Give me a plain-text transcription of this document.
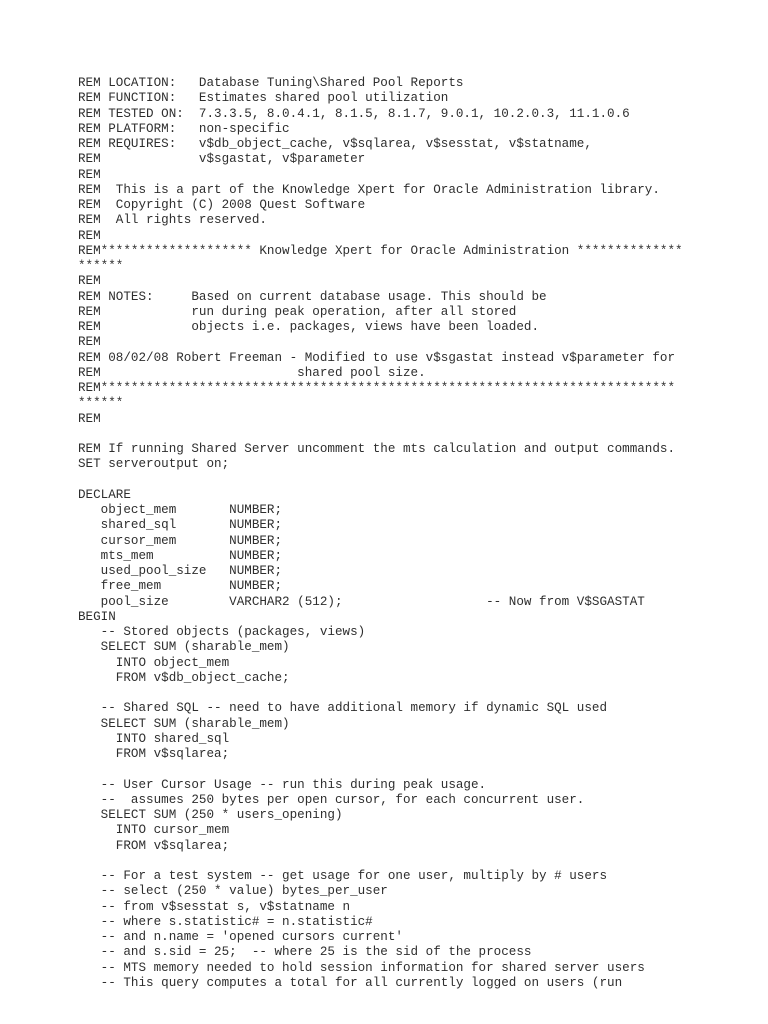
REM LOCATION:   Database Tuning\Shared Pool Reports
REM FUNCTION:   Estimates shared pool utilization
REM TESTED ON:  7.3.3.5, 8.0.4.1, 8.1.5, 8.1.7, 9.0.1, 10.2.0.3, 11.1.0.6
REM PLATFORM:   non-specific
REM REQUIRES:   v$db_object_cache, v$sqlarea, v$sesstat, v$statname,
REM             v$sgastat, v$parameter
REM
REM  This is a part of the Knowledge Xpert for Oracle Administration library.
REM  Copyright (C) 2008 Quest Software
REM  All rights reserved.
REM
REM******************** Knowledge Xpert for Oracle Administration **************
******
REM
REM NOTES:     Based on current database usage. This should be
REM            run during peak operation, after all stored
REM            objects i.e. packages, views have been loaded.
REM
REM 08/02/08 Robert Freeman - Modified to use v$sgastat instead v$parameter for
REM                          shared pool size.
REM****************************************************************************
******
REM
REM If running Shared Server uncomment the mts calculation and output commands.
SET serveroutput on;
DECLARE
object_mem       NUMBER;
shared_sql       NUMBER;
cursor_mem       NUMBER;
mts_mem          NUMBER;
used_pool_size   NUMBER;
free_mem         NUMBER;
pool_size        VARCHAR2 (512);                   -- Now from V$SGASTAT
BEGIN
-- Stored objects (packages, views)
SELECT SUM (sharable_mem)
INTO object_mem
FROM v$db_object_cache;
-- Shared SQL -- need to have additional memory if dynamic SQL used
SELECT SUM (sharable_mem)
INTO shared_sql
FROM v$sqlarea;
-- User Cursor Usage -- run this during peak usage.
--  assumes 250 bytes per open cursor, for each concurrent user.
SELECT SUM (250 * users_opening)
INTO cursor_mem
FROM v$sqlarea;
-- For a test system -- get usage for one user, multiply by # users
-- select (250 * value) bytes_per_user
-- from v$sesstat s, v$statname n
-- where s.statistic# = n.statistic#
-- and n.name = 'opened cursors current'
-- and s.sid = 25;  -- where 25 is the sid of the process
-- MTS memory needed to hold session information for shared server users
-- This query computes a total for all currently logged on users (run
